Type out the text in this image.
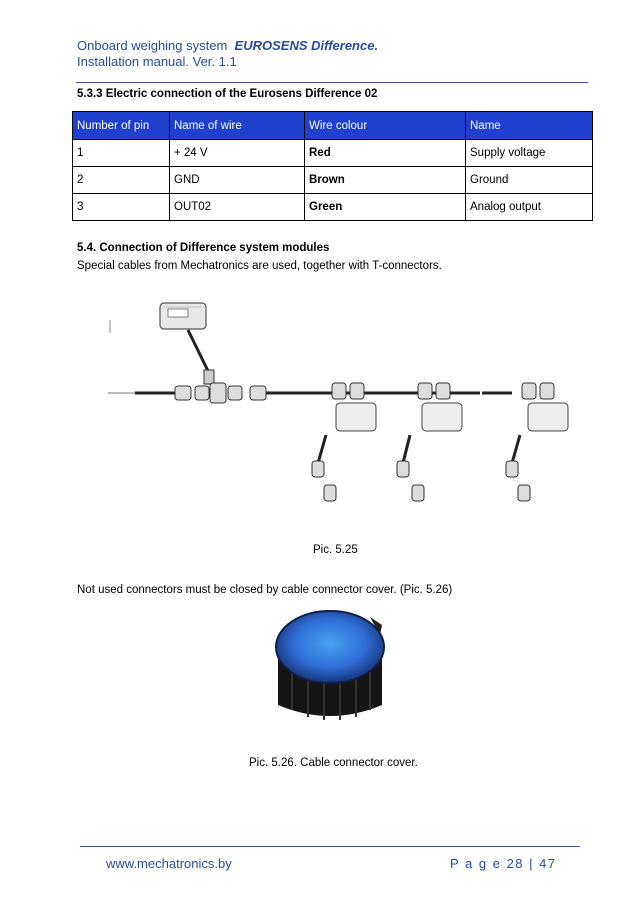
Onboard weighing system EUROSENS Difference.
Installation manual. Ver. 1.1
5.3.3 Electric connection of the Eurosens Difference 02
Number of pin	Name of wire	Wire colour	Name
1	+ 24 V	Red	Supply voltage
2	GND	Brown	Ground
3	OUT02	Green	Analog output
5.4. Connection of Difference system modules
Special cables from Mechatronics are used, together with T-connectors.
Pic. 5.25
Not used connectors must be closed by cable connector cover. (Pic. 5.26)
Pic. 5.26. Cable connector cover.
www.mechatronics.by	P a g e 28 | 47
